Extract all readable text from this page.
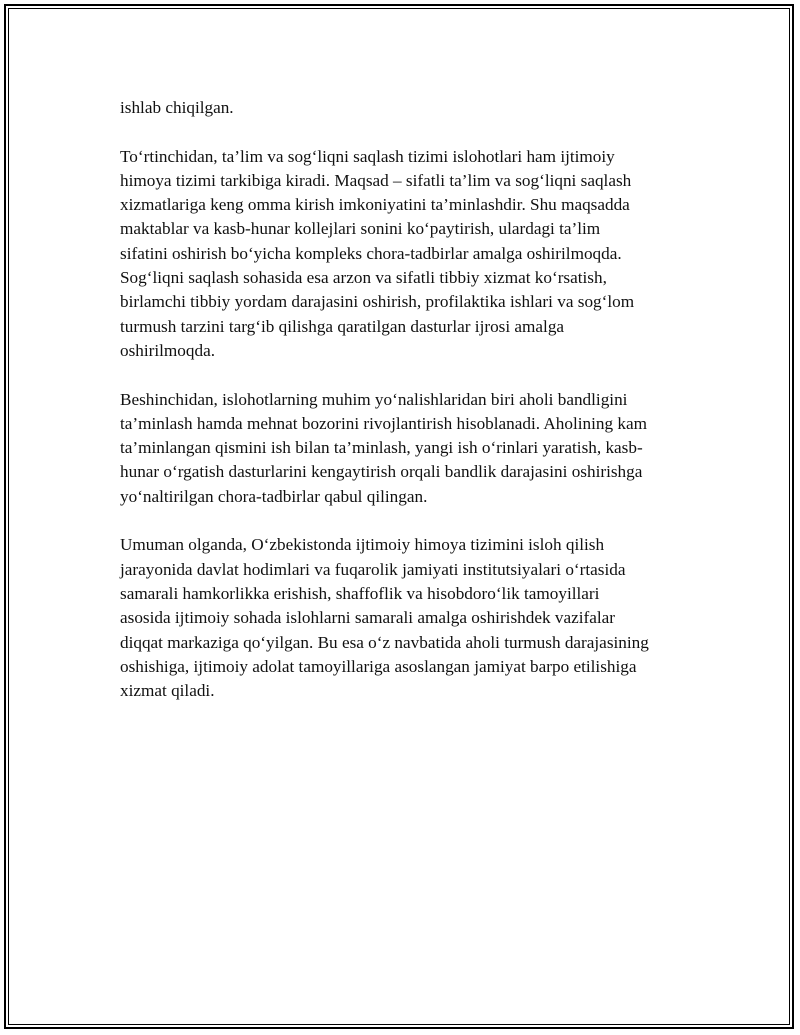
ishlab chiqilgan.

To‘rtinchidan, ta’lim va sog‘liqni saqlash tizimi islohotlari ham ijtimoiy
himoya tizimi tarkibiga kiradi. Maqsad – sifatli ta’lim va sog‘liqni saqlash
xizmatlariga keng omma kirish imkoniyatini ta’minlashdir. Shu maqsadda
maktablar va kasb-hunar kollejlari sonini ko‘paytirish, ulardagi ta’lim
sifatini oshirish bo‘yicha kompleks chora-tadbirlar amalga oshirilmoqda.
Sog‘liqni saqlash sohasida esa arzon va sifatli tibbiy xizmat ko‘rsatish,
birlamchi tibbiy yordam darajasini oshirish, profilaktika ishlari va sog‘lom
turmush tarzini targ‘ib qilishga qaratilgan dasturlar ijrosi amalga
oshirilmoqda.

Beshinchidan, islohotlarning muhim yo‘nalishlaridan biri aholi bandligini
ta’minlash hamda mehnat bozorini rivojlantirish hisoblanadi. Aholining kam
ta’minlangan qismini ish bilan ta’minlash, yangi ish o‘rinlari yaratish, kasb-
hunar o‘rgatish dasturlarini kengaytirish orqali bandlik darajasini oshirishga
yo‘naltirilgan chora-tadbirlar qabul qilingan.

Umuman olganda, O‘zbekistonda ijtimoiy himoya tizimini isloh qilish
jarayonida davlat hodimlari va fuqarolik jamiyati institutsiyalari o‘rtasida
samarali hamkorlikka erishish, shaffoflik va hisobdoro‘lik tamoyillari
asosida ijtimoiy sohada islohlarni samarali amalga oshirishdek vazifalar
diqqat markaziga qo‘yilgan. Bu esa o‘z navbatida aholi turmush darajasining
oshishiga, ijtimoiy adolat tamoyillariga asoslangan jamiyat barpo etilishiga
xizmat qiladi.
